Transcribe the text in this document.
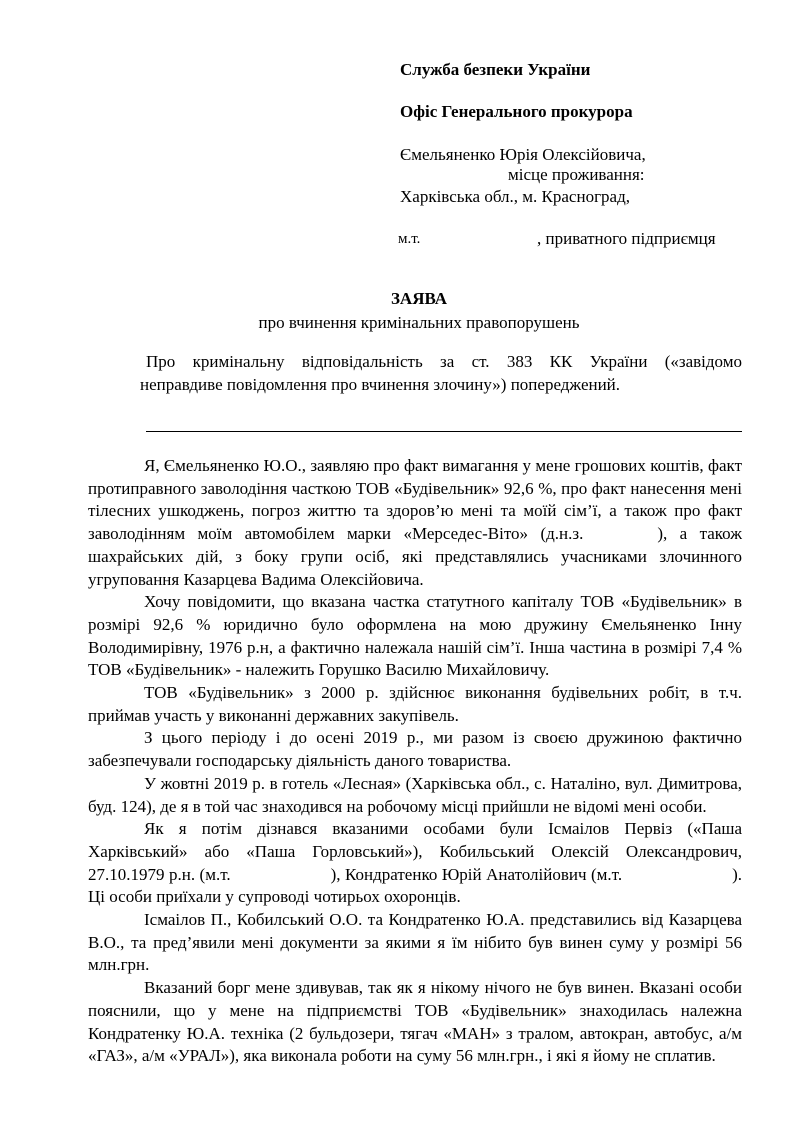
Служба безпеки України
Офіс Генерального прокурора
Ємельяненко Юрія Олексійовича,
місце проживання:
Харківська обл., м. Красноград,
м.т.	, приватного підприємця
ЗАЯВА
про вчинення кримінальних правопорушень
Про кримінальну відповідальність за ст. 383 КК України («завідомо
неправдиве повідомлення про вчинення злочину») попереджений.

Я, Ємельяненко Ю.О., заявляю про факт вимагання у мене грошових коштів, факт протиправного заволодіння часткою ТОВ «Будівельник» 92,6 %, про факт нанесення мені тілесних ушкоджень, погроз життю та здоров’ю мені та моїй сім’ї, а також про факт заволодінням моїм автомобілем марки «Мерседес-Віто» (д.н.з.	), а також шахрайських дій, з боку групи осіб, які представлялись учасниками злочинного угруповання Казарцева Вадима Олексійовича.

Хочу повідомити, що вказана частка статутного капіталу ТОВ «Будівельник» в розмірі 92,6 % юридично було оформлена на мою дружину Ємельяненко Інну Володимирівну, 1976 р.н, а фактично належала нашій сім’ї. Інша частина в розмірі 7,4 % ТОВ «Будівельник» - належить Горушко Василю Михайловичу.

ТОВ «Будівельник» з 2000 р. здійснює виконання будівельних робіт, в т.ч. приймав участь у виконанні державних закупівель.

З цього періоду і до осені 2019 р., ми разом із своєю дружиною фактично забезпечували господарську діяльність даного товариства.

У жовтні 2019 р. в готель «Лесная» (Харківська обл., с. Наталіно, вул. Димитрова, буд. 124), де я в той час знаходився на робочому місці прийшли не відомі мені особи.

Як я потім дізнався вказаними особами були Ісмаілов Первіз («Паша Харківський» або «Паша Горловський»), Кобильський Олексій Олександрович, 27.10.1979 р.н. (м.т.	), Кондратенко Юрій Анатолійович (м.т.	). Ці особи приїхали у супроводі чотирьох охоронців.

Ісмаілов П., Кобилський О.О. та Кондратенко Ю.А. представились від Казарцева В.О., та пред’явили мені документи за якими я їм нібито був винен суму у розмірі 56 млн.грн.

Вказаний борг мене здивував, так як я нікому нічого не був винен. Вказані особи пояснили, що у мене на підприємстві ТОВ «Будівельник» знаходилась належна Кондратенку Ю.А. техніка (2 бульдозери, тягач «МАН» з тралом, автокран, автобус, а/м «ГАЗ», а/м «УРАЛ»), яка виконала роботи на суму 56 млн.грн., і які я йому не сплатив.
